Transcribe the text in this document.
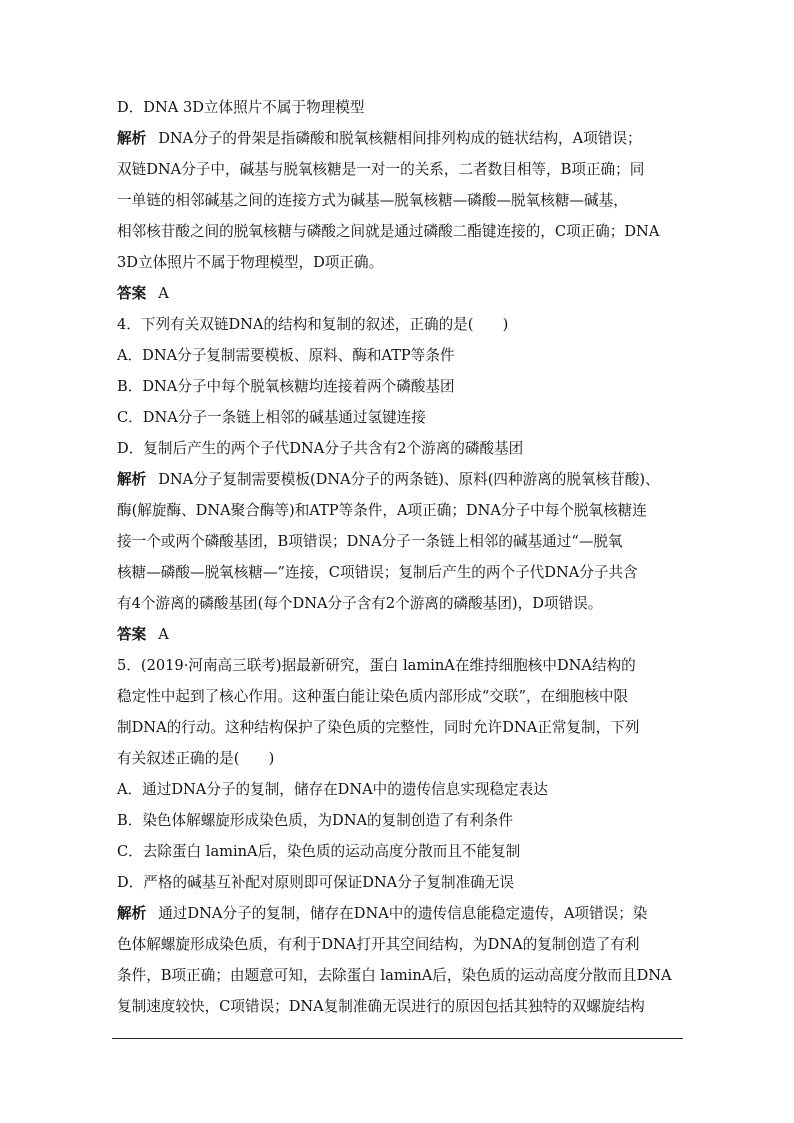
D．DNA 3D立体照片不属于物理模型
解析 DNA分子的骨架是指磷酸和脱氧核糖相间排列构成的链状结构，A项错误；
双链DNA分子中，碱基与脱氧核糖是一对一的关系，二者数目相等，B项正确；同
一单链的相邻碱基之间的连接方式为碱基—脱氧核糖—磷酸—脱氧核糖—碱基，
相邻核苷酸之间的脱氧核糖与磷酸之间就是通过磷酸二酯键连接的，C项正确；DNA
3D立体照片不属于物理模型，D项正确。
答案 A
4．下列有关双链DNA的结构和复制的叙述，正确的是(　　)
A．DNA分子复制需要模板、原料、酶和ATP等条件
B．DNA分子中每个脱氧核糖均连接着两个磷酸基团
C．DNA分子一条链上相邻的碱基通过氢键连接
D．复制后产生的两个子代DNA分子共含有2个游离的磷酸基团
解析 DNA分子复制需要模板(DNA分子的两条链)、原料(四种游离的脱氧核苷酸)、
酶(解旋酶、DNA聚合酶等)和ATP等条件，A项正确；DNA分子中每个脱氧核糖连
接一个或两个磷酸基团，B项错误；DNA分子一条链上相邻的碱基通过“—脱氧
核糖—磷酸—脱氧核糖—”连接，C项错误；复制后产生的两个子代DNA分子共含
有4个游离的磷酸基团(每个DNA分子含有2个游离的磷酸基团)，D项错误。
答案 A
5．(2019·河南高三联考)据最新研究，蛋白 laminA在维持细胞核中DNA结构的
稳定性中起到了核心作用。这种蛋白能让染色质内部形成“交联”，在细胞核中限
制DNA的行动。这种结构保护了染色质的完整性，同时允许DNA正常复制，下列
有关叙述正确的是(　　)
A．通过DNA分子的复制，储存在DNA中的遗传信息实现稳定表达
B．染色体解螺旋形成染色质，为DNA的复制创造了有利条件
C．去除蛋白 laminA后，染色质的运动高度分散而且不能复制
D．严格的碱基互补配对原则即可保证DNA分子复制准确无误
解析 通过DNA分子的复制，储存在DNA中的遗传信息能稳定遗传，A项错误；染
色体解螺旋形成染色质，有利于DNA打开其空间结构，为DNA的复制创造了有利
条件，B项正确；由题意可知，去除蛋白 laminA后，染色质的运动高度分散而且DNA
复制速度较快，C项错误；DNA复制准确无误进行的原因包括其独特的双螺旋结构
